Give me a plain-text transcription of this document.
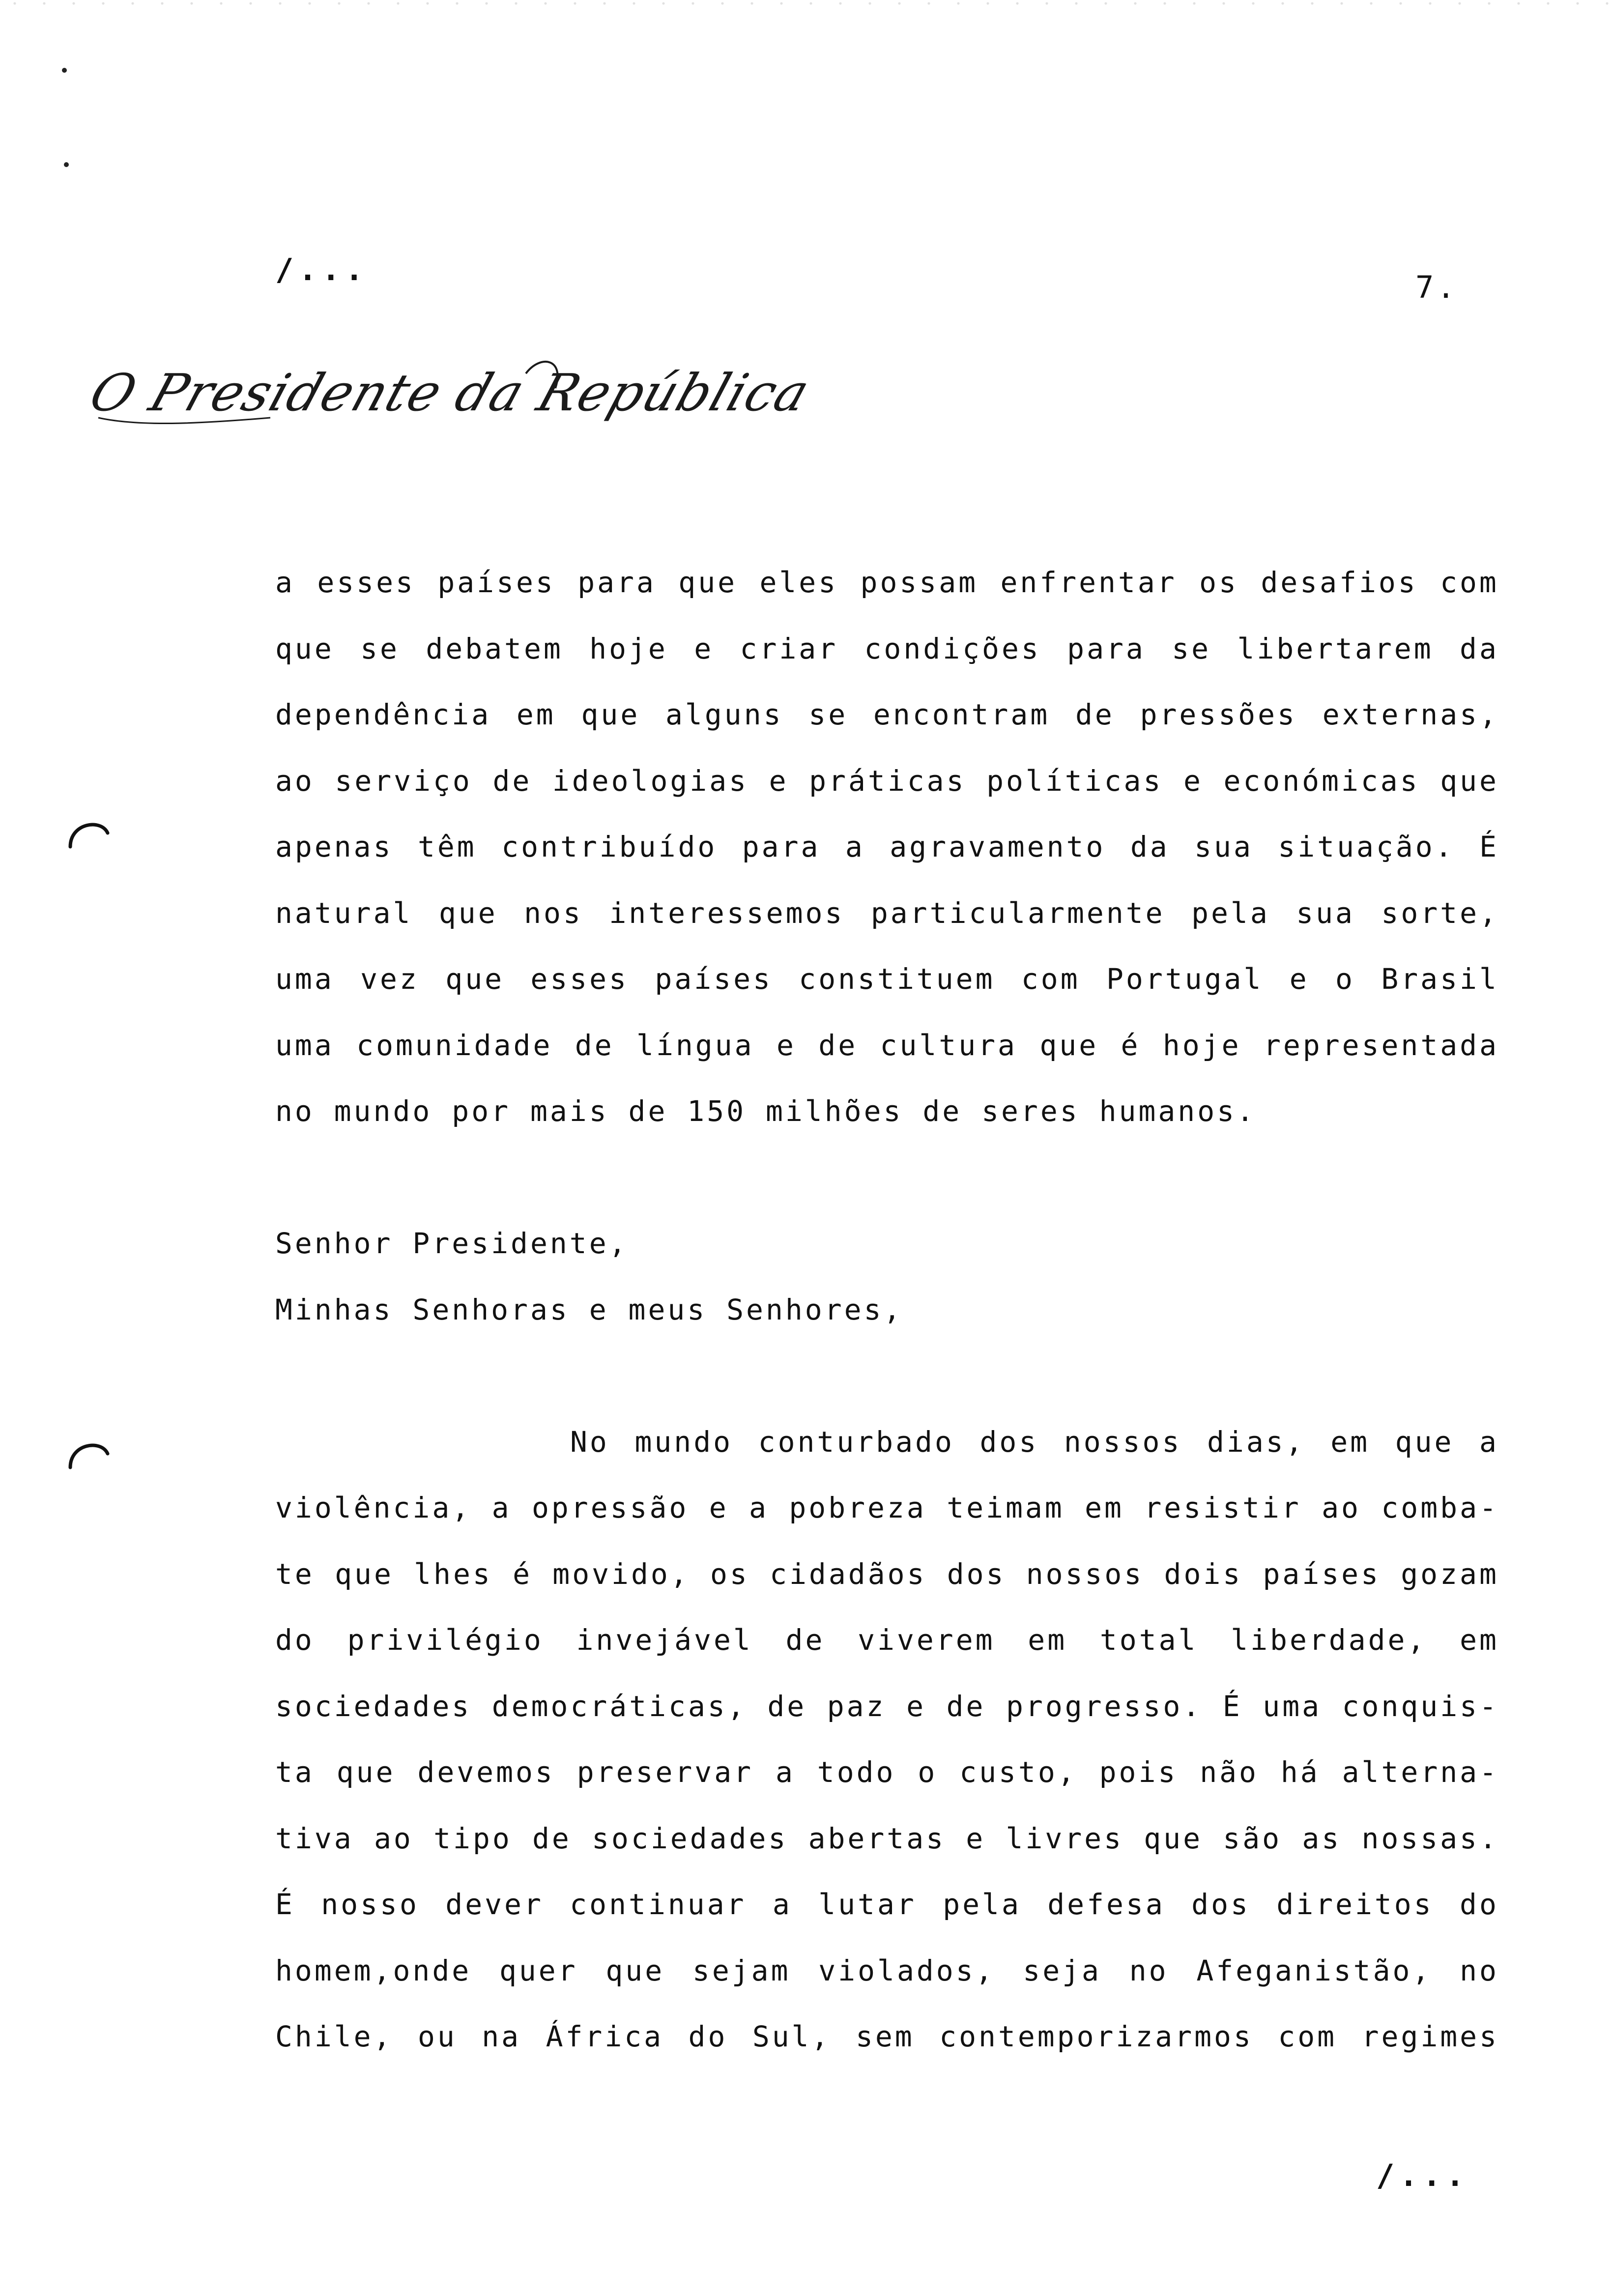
/...	7.
O Presidente da República
a esses países para que eles possam enfrentar os desafios com
que se debatem hoje e criar condições para se libertarem da
dependência em que alguns se encontram de pressões externas,
ao serviço de ideologias e práticas políticas e económicas que
apenas têm contribuído para a agravamento da sua situação. É
natural que nos interessemos particularmente pela sua sorte,
uma vez que esses países constituem com Portugal e o Brasil
uma comunidade de língua e de cultura que é hoje representada
no mundo por mais de 150 milhões de seres humanos.
Senhor Presidente,
Minhas Senhoras e meus Senhores,
No mundo conturbado dos nossos dias, em que a
violência, a opressão e a pobreza teimam em resistir ao comba-
te que lhes é movido, os cidadãos dos nossos dois países gozam
do privilégio invejável de viverem em total liberdade, em
sociedades democráticas, de paz e de progresso. É uma conquis-
ta que devemos preservar a todo o custo, pois não há alterna-
tiva ao tipo de sociedades abertas e livres que são as nossas.
É nosso dever continuar a lutar pela defesa dos direitos do
homem,onde quer que sejam violados, seja no Afeganistão, no
Chile, ou na África do Sul, sem contemporizarmos com regimes
/...
